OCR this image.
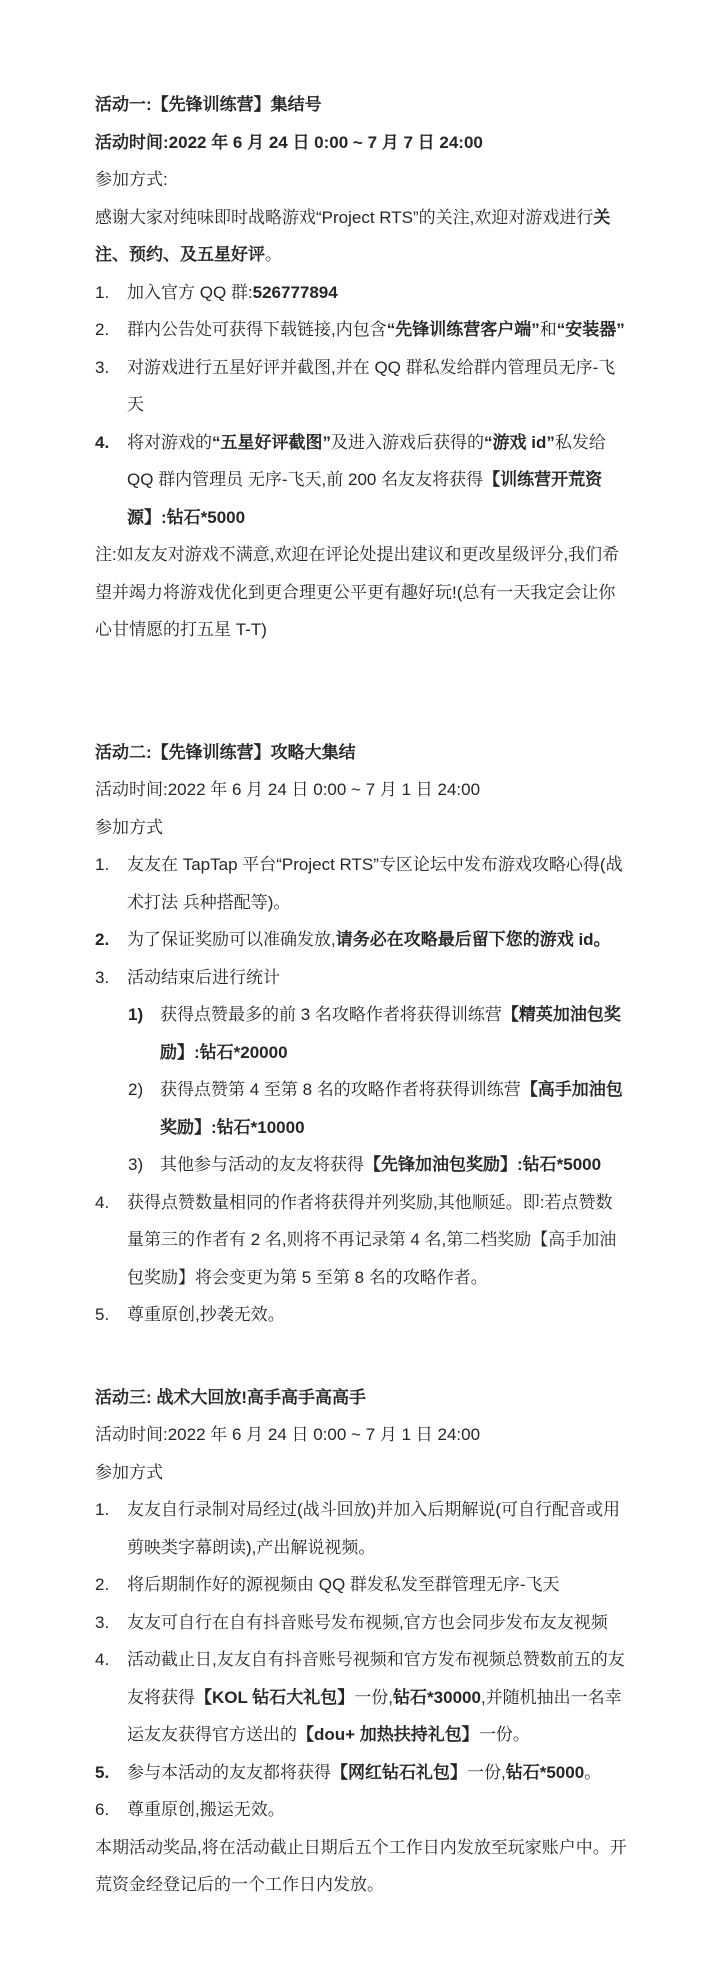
活动一:【先锋训练营】集结号
活动时间:2022 年 6 月 24 日 0:00 ~ 7 月 7 日 24:00
参加方式:
感谢大家对纯味即时战略游戏“Project RTS”的关注,欢迎对游戏进行关注、预约、及五星好评。
1. 加入官方 QQ 群:526777894
2. 群内公告处可获得下载链接,内包含“先锋训练营客户端”和“安装器”
3. 对游戏进行五星好评并截图,并在 QQ 群私发给群内管理员无序-飞天
4. 将对游戏的“五星好评截图”及进入游戏后获得的“游戏 id”私发给 QQ 群内管理员 无序-飞天,前 200 名友友将获得【训练营开荒资源】:钻石*5000
注:如友友对游戏不满意,欢迎在评论处提出建议和更改星级评分,我们希望并竭力将游戏优化到更合理更公平更有趣好玩!(总有一天我定会让你心甘情愿的打五星 T-T)
活动二:【先锋训练营】攻略大集结
活动时间:2022 年 6 月 24 日 0:00 ~ 7 月 1 日 24:00
参加方式
1. 友友在 TapTap 平台“Project RTS”专区论坛中发布游戏攻略心得(战术打法 兵种搭配等)。
2. 为了保证奖励可以准确发放,请务必在攻略最后留下您的游戏 id。
3. 活动结束后进行统计
1) 获得点赞最多的前 3 名攻略作者将获得训练营【精英加油包奖励】:钻石*20000
2) 获得点赞第 4 至第 8 名的攻略作者将获得训练营【高手加油包奖励】:钻石*10000
3) 其他参与活动的友友将获得【先锋加油包奖励】:钻石*5000
4. 获得点赞数量相同的作者将获得并列奖励,其他顺延。即:若点赞数量第三的作者有 2 名,则将不再记录第 4 名,第二档奖励【高手加油包奖励】将会变更为第 5 至第 8 名的攻略作者。
5. 尊重原创,抄袭无效。
活动三: 战术大回放!高手高手高高手
活动时间:2022 年 6 月 24 日 0:00 ~ 7 月 1 日 24:00
参加方式
1. 友友自行录制对局经过(战斗回放)并加入后期解说(可自行配音或用剪映类字幕朗读),产出解说视频。
2. 将后期制作好的源视频由 QQ 群发私发至群管理无序-飞天
3. 友友可自行在自有抖音账号发布视频,官方也会同步发布友友视频
4. 活动截止日,友友自有抖音账号视频和官方发布视频总赞数前五的友友将获得【KOL 钻石大礼包】一份,钻石*30000,并随机抽出一名幸运友友获得官方送出的【dou+ 加热扶持礼包】一份。
5. 参与本活动的友友都将获得【网红钻石礼包】一份,钻石*5000。
6. 尊重原创,搬运无效。
本期活动奖品,将在活动截止日期后五个工作日内发放至玩家账户中。开荒资金经登记后的一个工作日内发放。
